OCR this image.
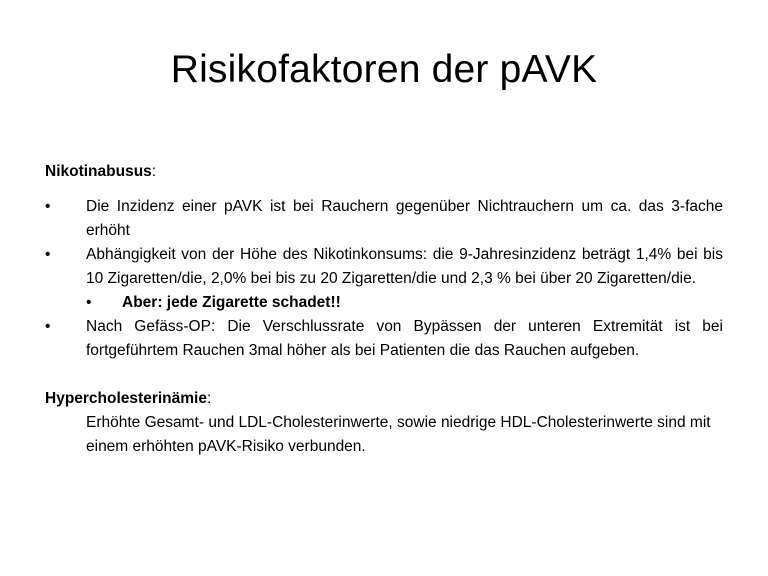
Risikofaktoren der pAVK
Nikotinabusus:
•	Die Inzidenz einer pAVK ist bei Rauchern gegenüber Nichtrauchern um ca. das 3-fache erhöht
•	Abhängigkeit von der Höhe des Nikotinkonsums: die 9-Jahresinzidenz beträgt 1,4% bei bis 10 Zigaretten/die, 2,0% bei bis zu 20 Zigaretten/die und 2,3 % bei über 20 Zigaretten/die.
•	Aber: jede Zigarette schadet!!
•	Nach Gefäss-OP: Die Verschlussrate von Bypässen der unteren Extremität ist bei fortgeführtem Rauchen 3mal höher als bei Patienten die das Rauchen aufgeben.
Hypercholesterinämie:
Erhöhte Gesamt- und LDL-Cholesterinwerte, sowie niedrige HDL-Cholesterinwerte sind mit einem erhöhten pAVK-Risiko verbunden.
